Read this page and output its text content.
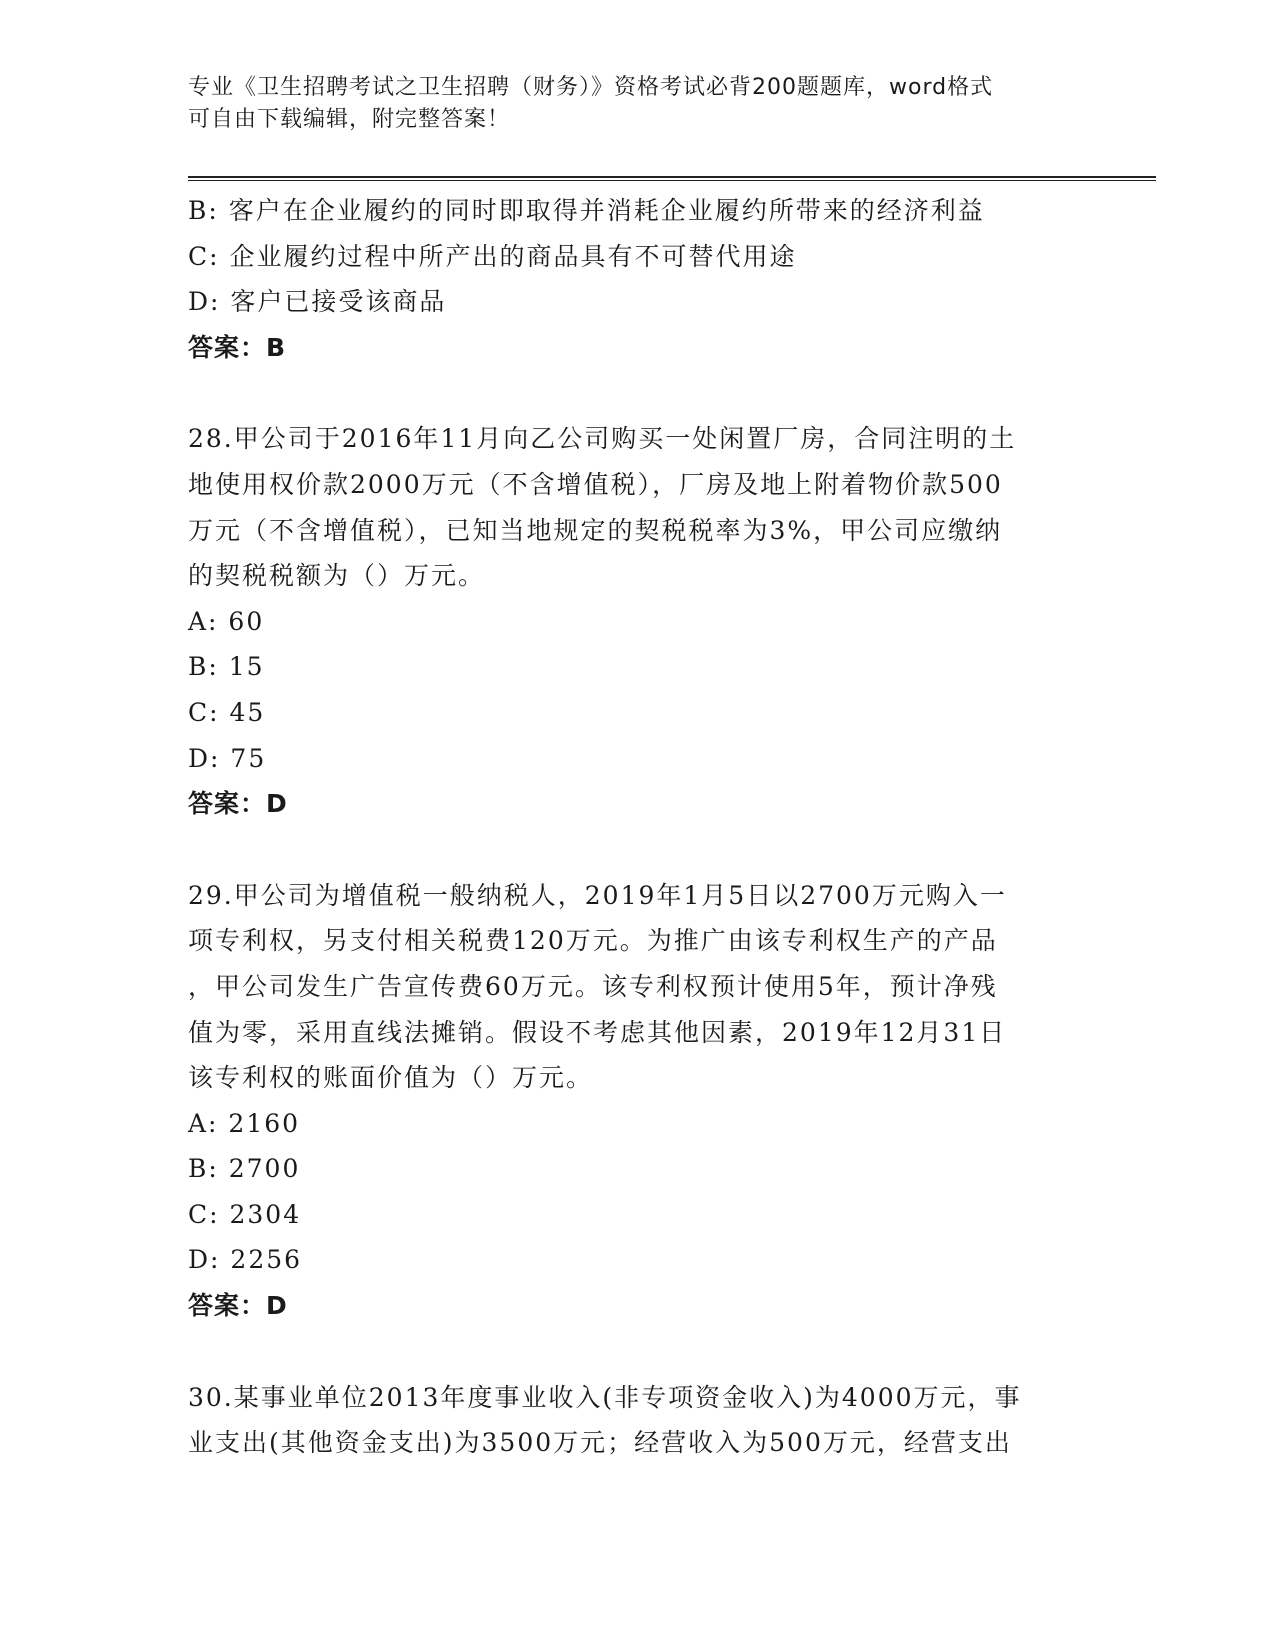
专业《卫生招聘考试之卫生招聘（财务）》资格考试必背200题题库，word格式
可自由下载编辑，附完整答案！
B: 客户在企业履约的同时即取得并消耗企业履约所带来的经济利益
C: 企业履约过程中所产出的商品具有不可替代用途
D: 客户已接受该商品
答案：B
28.甲公司于2016年11月向乙公司购买一处闲置厂房，合同注明的土
地使用权价款2000万元（不含增值税），厂房及地上附着物价款500
万元（不含增值税），已知当地规定的契税税率为3%，甲公司应缴纳
的契税税额为（）万元。
A: 60
B: 15
C: 45
D: 75
答案：D
29.甲公司为增值税一般纳税人，2019年1月5日以2700万元购入一
项专利权，另支付相关税费120万元。为推广由该专利权生产的产品
，甲公司发生广告宣传费60万元。该专利权预计使用5年，预计净残
值为零，采用直线法摊销。假设不考虑其他因素，2019年12月31日
该专利权的账面价值为（）万元。
A: 2160
B: 2700
C: 2304
D: 2256
答案：D
30.某事业单位2013年度事业收入(非专项资金收入)为4000万元，事
业支出(其他资金支出)为3500万元；经营收入为500万元，经营支出
